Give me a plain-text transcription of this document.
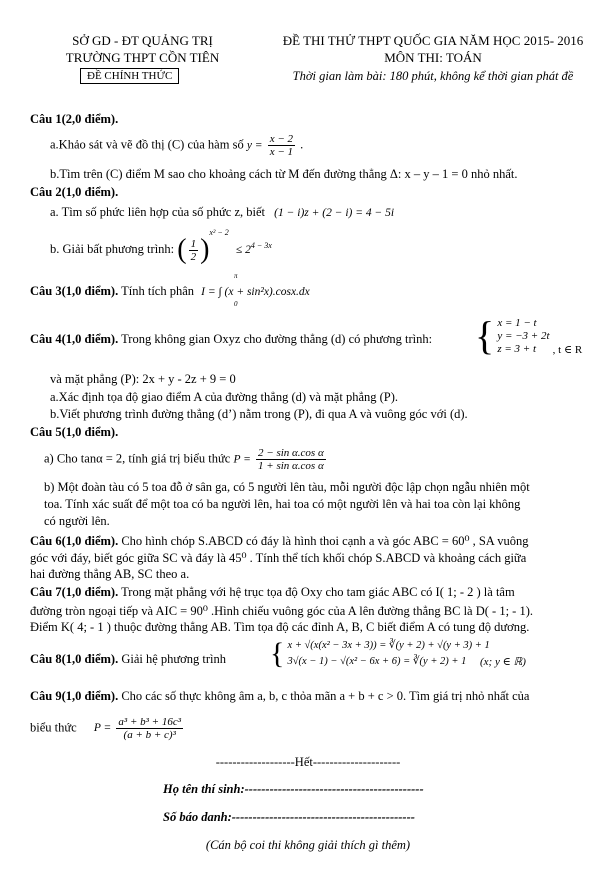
SỞ GD - ĐT QUẢNG TRỊ
TRƯỜNG THPT CỒN TIÊN
ĐỀ CHÍNH THỨC
ĐỀ THI THỬ THPT QUỐC GIA NĂM HỌC 2015- 2016
MÔN THI: TOÁN
Thời gian làm bài: 180 phút, không kể thời gian phát đề
Câu 1(2,0 điểm).
a.Khảo sát và vẽ đồ thị (C) của hàm số $y = \frac{x - 2}{x - 1}$ .
b.Tìm trên (C) điểm M sao cho khoảng cách từ M đến đường thẳng Δ: x – y – 1 = 0 nhỏ nhất.
Câu 2(1,0 điểm).
a. Tìm số phức liên hợp của số phức z, biết (1 − i)z + (2 − i) = 4 − 5i
b. Giải bất phương trình: ( $\frac{1}{2} )^{x^2 - 2} \le 2^{4 - 3x}$
Câu 3(1,0 điểm). Tính tích phân I = ∫ (x + sin²x).cosx.dx
π
0
Câu 4(1,0 điểm). Trong không gian Oxyz cho đường thẳng (d) có phương trình: { x = 1 − t
y = −3 + 2t
z = 3 + t	, t ∈ R
và mặt phẳng (P): 2x + y - 2z + 9 = 0
a.Xác định tọa độ giao điểm A của đường thẳng (d) và mặt phẳng (P).
b.Viết phương trình đường thẳng (d’) nằm trong (P), đi qua A và vuông góc với (d).
Câu 5(1,0 điểm).
a) Cho tanα = 2, tính giá trị biểu thức $P = \frac{\text{2 − sin α.cos α}}{\text{1 + sin α.cos α}}$
b) Một đoàn tàu có 5 toa đỗ ở sân ga, có 5 người lên tàu, mỗi người độc lập chọn ngẫu nhiên một
toa. Tính xác suất để một toa có ba người lên, hai toa có một người lên và hai toa còn lại không
có người lên.
Câu 6(1,0 điểm). Cho hình chóp S.ABCD có đáy là hình thoi cạnh a và góc ABC = 60⁰ , SA vuông
góc với đáy, biết góc giữa SC và đáy là 45⁰ . Tính thể tích khối chóp S.ABCD và khoảng cách giữa
hai đường thẳng AB, SC theo a.
Câu 7(1,0 điểm). Trong mặt phẳng với hệ trục tọa độ Oxy cho tam giác ABC có I( 1; - 2 ) là tâm
đường tròn ngoại tiếp và AIC = 90⁰ .Hình chiếu vuông góc của A lên đường thẳng BC là D( - 1; - 1).
Điểm K( 4; - 1 ) thuộc đường thẳng AB. Tìm tọa độ các đỉnh A, B, C biết điểm A có tung độ dương.
Câu 8(1,0 điểm). Giải hệ phương trình { x + √(x(x² − 3x + 3)) = ∛(y + 2) + √(y + 3) + 1
3√(x − 1) − √(x² − 6x + 6) = ∛(y + 2) + 1	(x; y ∈ ℝ)
Câu 9(1,0 điểm). Cho các số thực không âm a, b, c thỏa mãn a + b + c > 0. Tìm giá trị nhỏ nhất của
biểu thức $P = \frac{\text{a³ + b³ + 16c³}}{\text{(a + b + c)³}}$
-------------------Hết---------------------
Họ tên thí sinh:-------------------------------------------
Số báo danh:--------------------------------------------
(Cán bộ coi thi không giải thích gì thêm)
